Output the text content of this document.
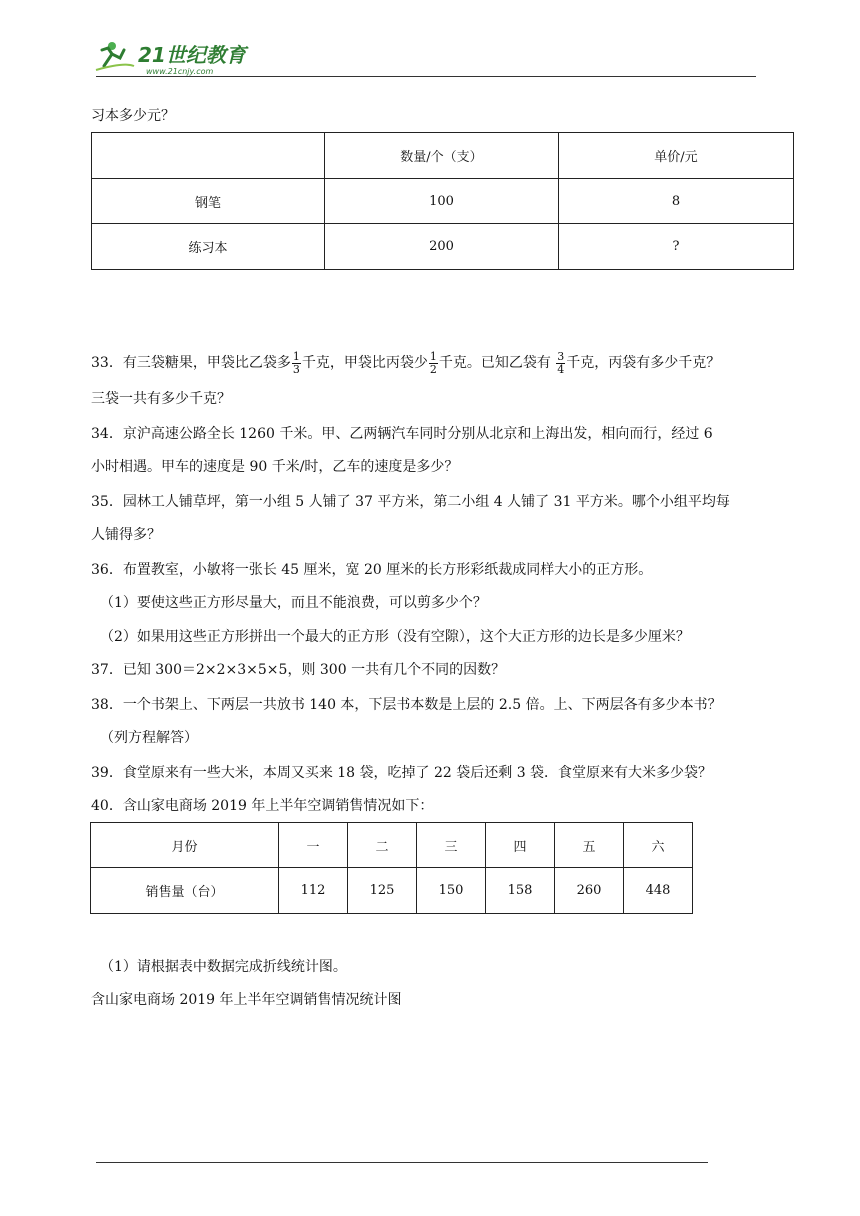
21世纪教育
www.21cnjy.com
习本多少元？
	数量/个（支）	单价/元
钢笔	100	8
练习本	200	?
33．有三袋糖果，甲袋比乙袋多 $\frac{1}{3}$ 千克，甲袋比丙袋少 $\frac{1}{2}$ 千克。已知乙袋有 $\frac{3}{4}$ 千克，丙袋有多少千克？
三袋一共有多少千克？
34．京沪高速公路全长 1260 千米。甲、乙两辆汽车同时分别从北京和上海出发，相向而行，经过 6
小时相遇。甲车的速度是 90 千米/时，乙车的速度是多少？
35．园林工人铺草坪，第一小组 5 人铺了 37 平方米，第二小组 4 人铺了 31 平方米。哪个小组平均每
人铺得多？
36．布置教室，小敏将一张长 45 厘米，宽 20 厘米的长方形彩纸裁成同样大小的正方形。
（1）要使这些正方形尽量大，而且不能浪费，可以剪多少个？
（2）如果用这些正方形拼出一个最大的正方形（没有空隙），这个大正方形的边长是多少厘米？
37．已知 300＝2×2×3×5×5，则 300 一共有几个不同的因数？
38．一个书架上、下两层一共放书 140 本，下层书本数是上层的 2.5 倍。上、下两层各有多少本书？
（列方程解答）
39．食堂原来有一些大米，本周又买来 18 袋，吃掉了 22 袋后还剩 3 袋．食堂原来有大米多少袋？
40．含山家电商场 2019 年上半年空调销售情况如下：
月份	一	二	三	四	五	六
销售量（台）	112	125	150	158	260	448
（1）请根据表中数据完成折线统计图。
含山家电商场 2019 年上半年空调销售情况统计图
